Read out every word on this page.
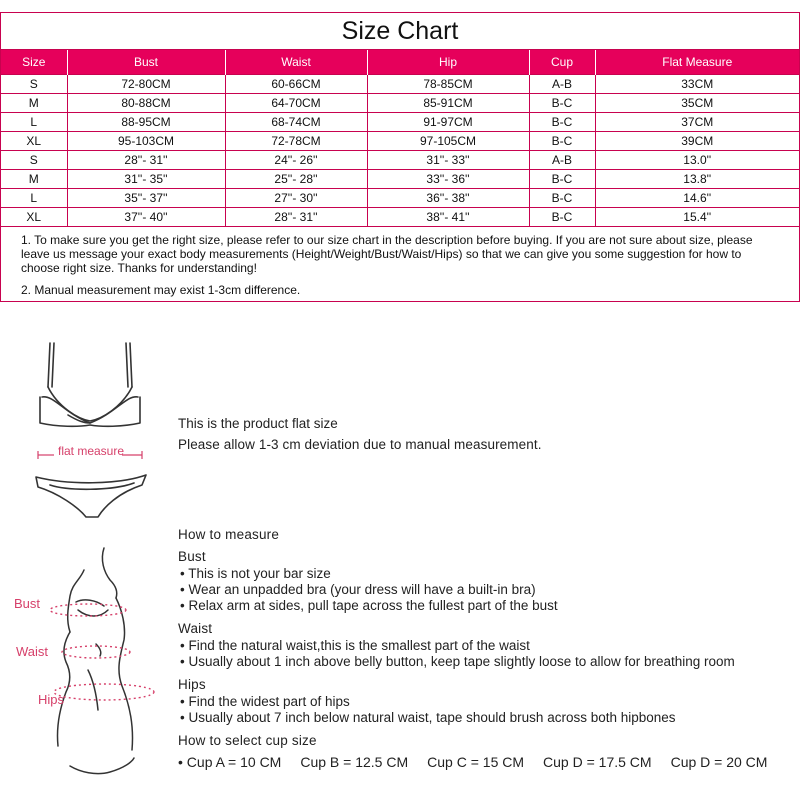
Size Chart
Size	Bust	Waist	Hip	Cup	Flat Measure
S	72-80CM	60-66CM	78-85CM	A-B	33CM
M	80-88CM	64-70CM	85-91CM	B-C	35CM
L	88-95CM	68-74CM	91-97CM	B-C	37CM
XL	95-103CM	72-78CM	97-105CM	B-C	39CM
S	28''- 31''	24''- 26''	31''- 33''	A-B	13.0''
M	31''- 35''	25''- 28''	33''- 36''	B-C	13.8''
L	35''- 37''	27''- 30''	36''- 38''	B-C	14.6''
XL	37''- 40''	28''- 31''	38''- 41''	B-C	15.4''

1. To make sure you get the right size, please refer to our size chart in the description before buying. If you are not sure about size, please leave us message your exact body measurements (Height/Weight/Bust/Waist/Hips) so that we can give you some suggestion for how to choose right size. Thanks for understanding!

2. Manual measurement may exist 1-3cm difference.

flat measure
This is the product flat size
Please allow 1-3 cm deviation due to manual measurement.
Bust
Waist
Hips
How to measure
Bust
• This is not your bar size
• Wear an unpadded bra (your dress will have a built-in bra)
• Relax arm at sides, pull tape across the fullest part of the bust
Waist
• Find the natural waist,this is the smallest part of the waist
• Usually about 1 inch above belly button, keep tape slightly loose to allow for breathing room
Hips
• Find the widest part of hips
• Usually about 7 inch below natural waist, tape should brush across both hipbones
How to select cup size
• Cup A = 10 CM Cup B = 12.5 CM Cup C = 15 CM Cup D = 17.5 CM Cup D = 20 CM
